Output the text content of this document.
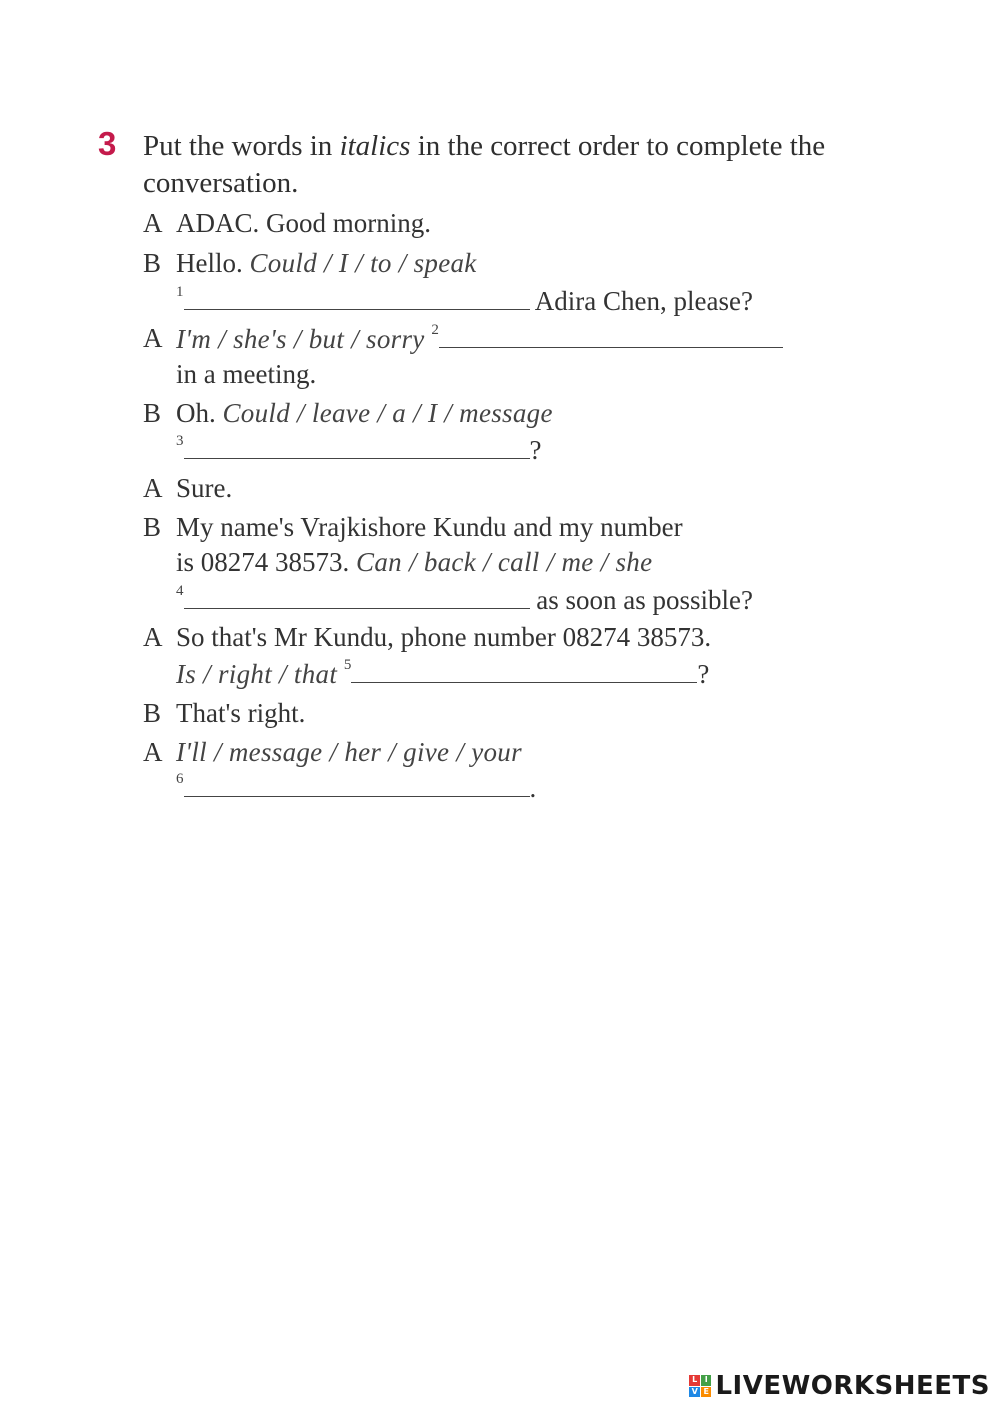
3 Put the words in italics in the correct order to complete the conversation.
A ADAC. Good morning.
B Hello. Could / I / to / speak
$^1$	Adira Chen, please?
A I'm / she's / but / sorry $^2$
in a meeting.
B Oh. Could / leave / a / I / message
$^3$	?
A Sure.
B My name's Vrajkishore Kundu and my number
is 08274 38573. Can / back / call / me / she
$^4$	as soon as possible?
A So that's Mr Kundu, phone number 08274 38573.
Is / right / that $^5$	?
B That's right.
A I'll / message / her / give / your
$^6$	.
L I
V E LIVEWORKSHEETS
